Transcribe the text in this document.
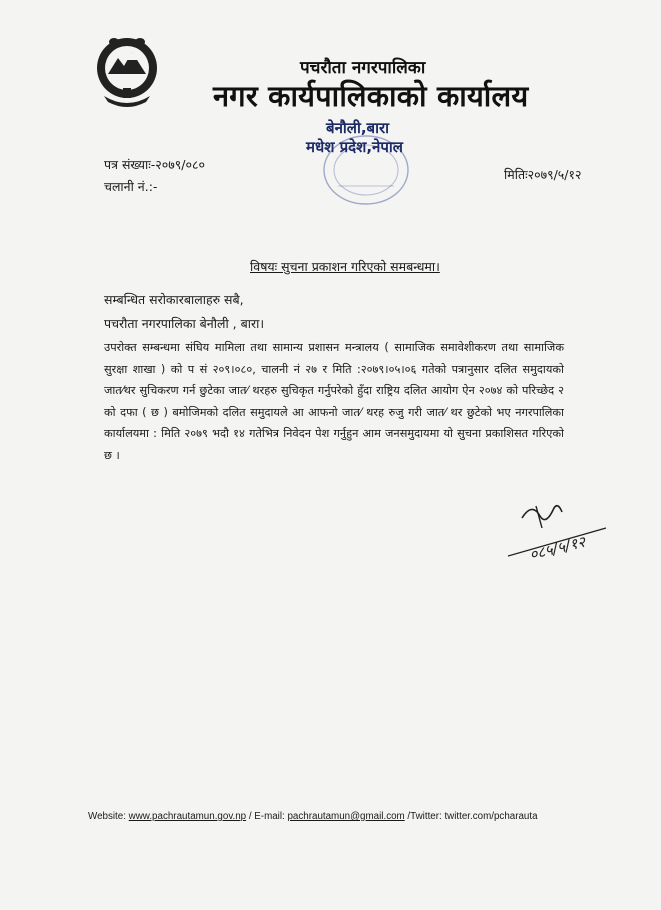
पचरौता नगरपालिका
नगर कार्यपालिकाको कार्यालय
बेनौली,बारा
मधेश प्रदेश,नेपाल
पत्र संख्याः-२०७९/०८०
चलानी नं.:-
मितिः२०७९/५/१२
विषयः सुचना प्रकाशन गरिएको समबन्धमा।
सम्बन्धित सरोकारबालाहरु सबै,
पचरौता नगरपालिका बेनौली , बारा।
उपरोक्त सम्बन्धमा संघिय मामिला तथा सामान्य प्रशासन मन्त्रालय ( सामाजिक समावेशीकरण तथा सामाजिक सुरक्षा शाखा ) को प सं २०९।०८०, चालनी नं २७ र मिति :२०७९।०५।०६ गतेको पत्रानुसार दलित समुदायको जात⁄थर सुचिकरण गर्न छुटेका जात⁄ थरहरु सुचिकृत गर्नुपरेको हुँदा राष्ट्रिय दलित आयोग ऐन २०७४ को परिच्छेद २ को दफा ( छ ) बमोजिमको दलित समुदायले आ आफनो जात⁄ थरह रुजु गरी जात⁄ थर छुटेको भए नगरपालिका कार्यालयमा : मिति २०७९ भदौ १४ गतेभित्र निवेदन पेश गर्नुहुन आम जनसमुदायमा यो सुचना प्रकाशिसत गरिएको छ ।
०८५/५/१२
Website: www.pachrautamun.gov.np / E-mail: pachrautamun@gmail.com /Twitter: twitter.com/pcharauta
